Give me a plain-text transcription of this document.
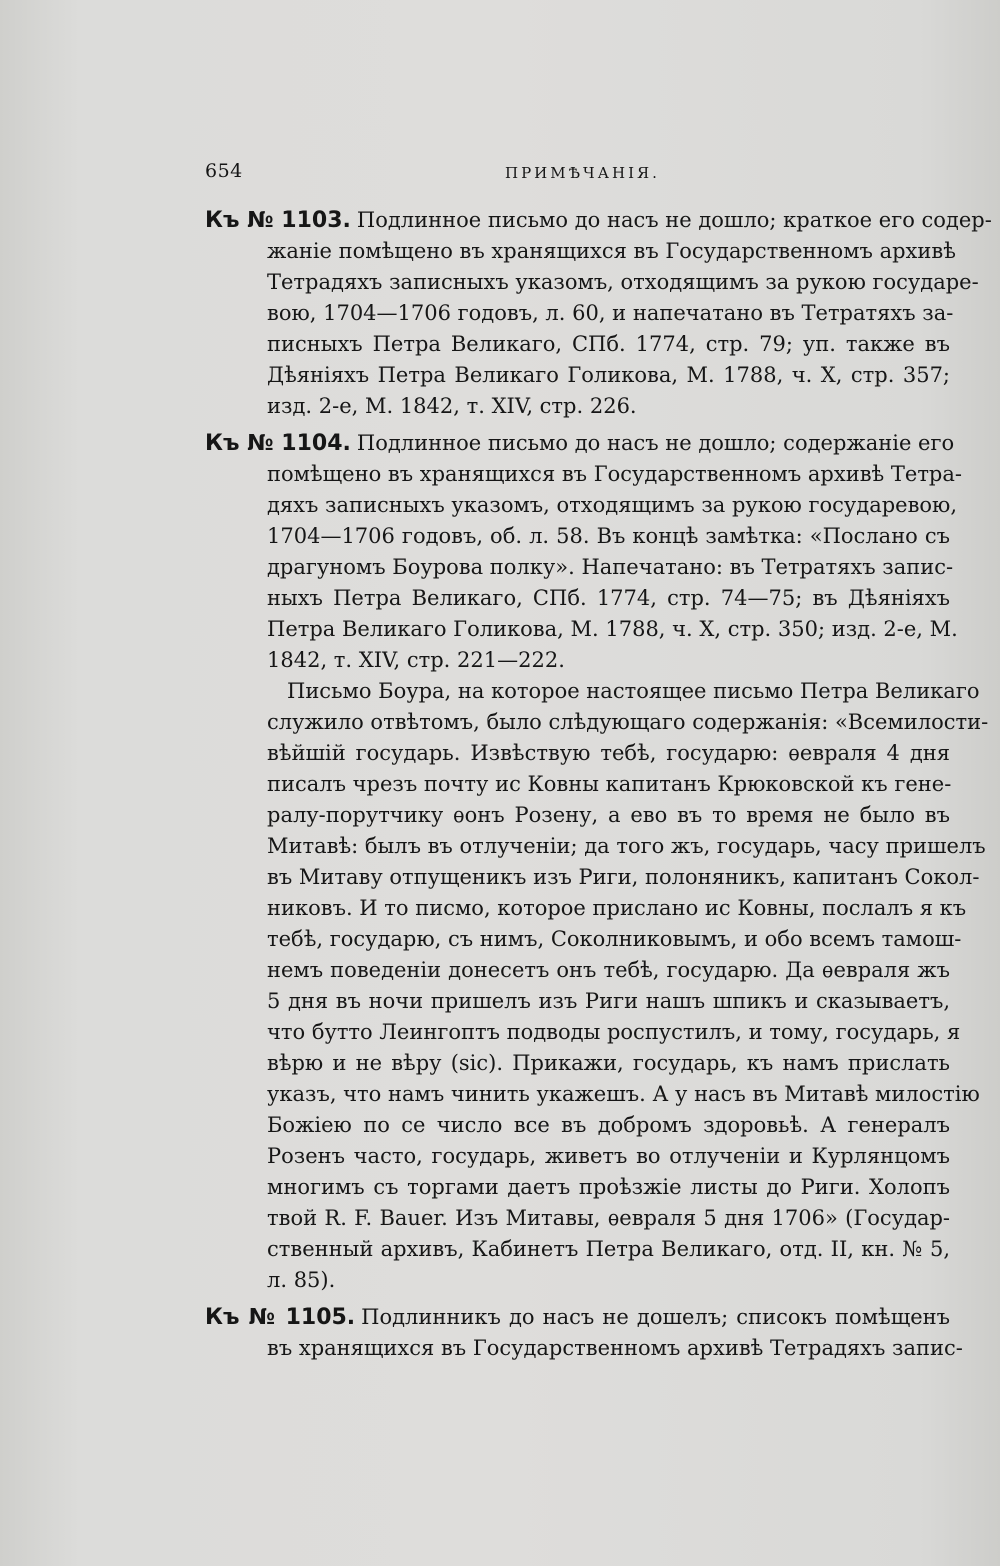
654	ПРИМѢЧАНІЯ.
Къ № 1103. Подлинное письмо до насъ не дошло; краткое его содер-
жаніе помѣщено въ хранящихся въ Государственномъ архивѣ
Тетрадяхъ записныхъ указомъ, отходящимъ за рукою государе-
вою, 1704—1706 годовъ, л. 60, и напечатано въ Тетратяхъ за-
писныхъ Петра Великаго, СПб. 1774, стр. 79; уп. также въ
Дѣяніяхъ Петра Великаго Голикова, М. 1788, ч. X, стр. 357;
изд. 2-е, М. 1842, т. XIV, стр. 226.
Къ № 1104. Подлинное письмо до насъ не дошло; содержаніе его
помѣщено въ хранящихся въ Государственномъ архивѣ Тетра-
дяхъ записныхъ указомъ, отходящимъ за рукою государевою,
1704—1706 годовъ, об. л. 58. Въ концѣ замѣтка: «Послано съ
драгуномъ Боурова полку». Напечатано: въ Тетратяхъ запис-
ныхъ Петра Великаго, СПб. 1774, стр. 74—75; въ Дѣяніяхъ
Петра Великаго Голикова, М. 1788, ч. X, стр. 350; изд. 2-е, М.
1842, т. XIV, стр. 221—222.
Письмо Боура, на которое настоящее письмо Петра Великаго
служило отвѣтомъ, было слѣдующаго содержанія: «Всемилости-
вѣйшій государь. Извѣствую тебѣ, государю: ѳевраля 4 дня
писалъ чрезъ почту ис Ковны капитанъ Крюковской къ гене-
ралу-порутчику ѳонъ Розену, а ево въ то время не было въ
Митавѣ: былъ въ отлученіи; да того жъ, государь, часу пришелъ
въ Митаву отпущеникъ изъ Риги, полоняникъ, капитанъ Сокол-
никовъ. И то писмо, которое прислано ис Ковны, послалъ я къ
тебѣ, государю, съ нимъ, Соколниковымъ, и обо всемъ тамош-
немъ поведеніи донесетъ онъ тебѣ, государю. Да ѳевраля жъ
5 дня въ ночи пришелъ изъ Риги нашъ шпикъ и сказываетъ,
что бутто Леингоптъ подводы роспустилъ, и тому, государь, я
вѣрю и не вѣру (sic). Прикажи, государь, къ намъ прислать
указъ, что намъ чинить укажешъ. А у насъ въ Митавѣ милостію
Божіею по се число все въ добромъ здоровьѣ. А генералъ
Розенъ часто, государь, живетъ во отлученіи и Курлянцомъ
многимъ съ торгами даетъ проѣзжіе листы до Риги. Холопъ
твой R. F. Bauer. Изъ Митавы, ѳевраля 5 дня 1706» (Государ-
ственный архивъ, Кабинетъ Петра Великаго, отд. II, кн. № 5,
л. 85).
Къ № 1105. Подлинникъ до насъ не дошелъ; списокъ помѣщенъ
въ хранящихся въ Государственномъ архивѣ Тетрадяхъ запис-
